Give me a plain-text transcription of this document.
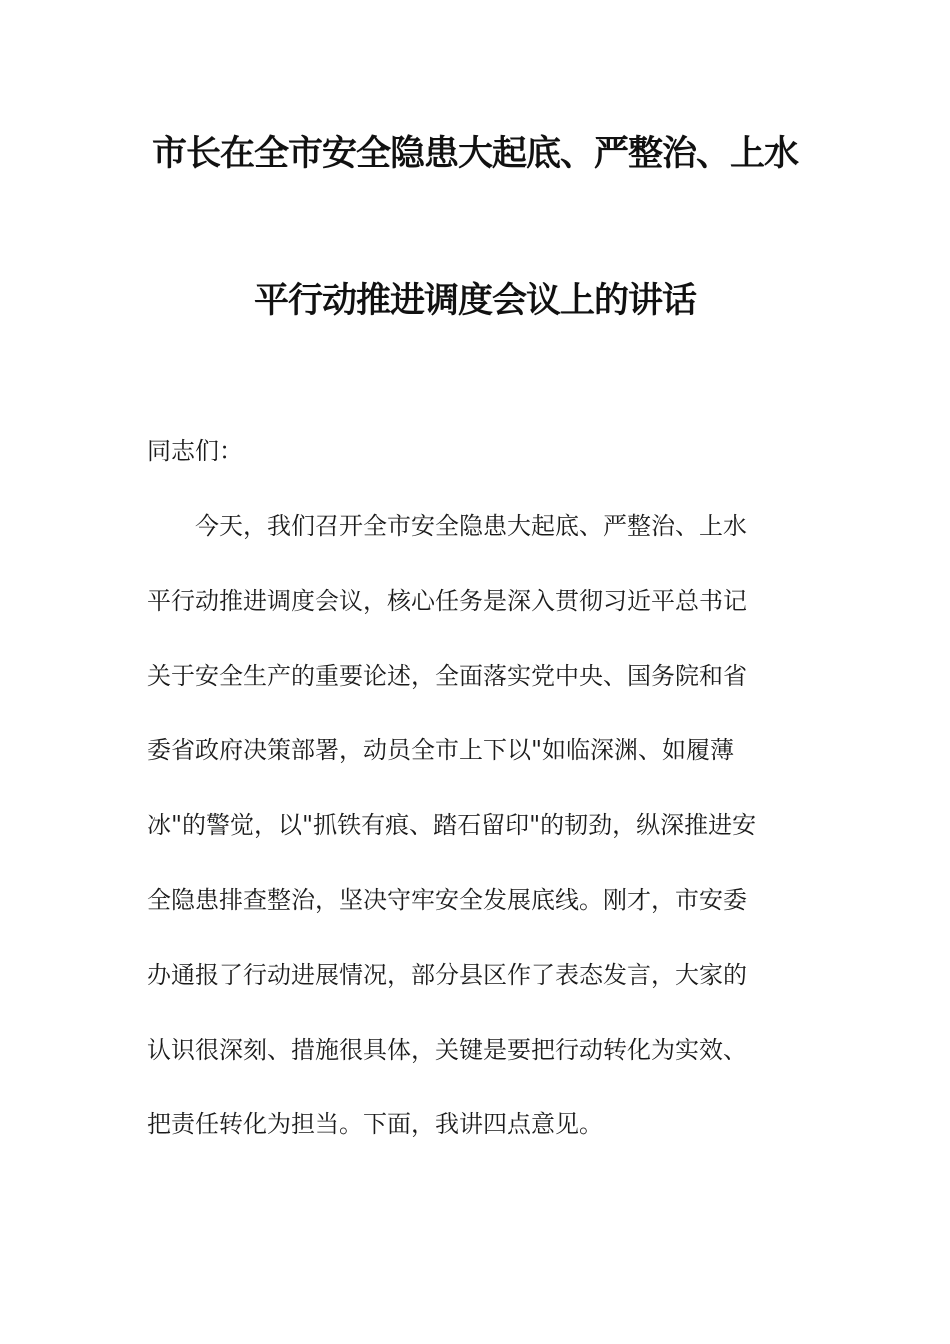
市长在全市安全隐患大起底、严整治、上水
平行动推进调度会议上的讲话
同志们：
今天，我们召开全市安全隐患大起底、严整治、上水
平行动推进调度会议，核心任务是深入贯彻习近平总书记
关于安全生产的重要论述，全面落实党中央、国务院和省
委省政府决策部署，动员全市上下以"如临深渊、如履薄
冰"的警觉，以"抓铁有痕、踏石留印"的韧劲，纵深推进安
全隐患排查整治，坚决守牢安全发展底线。刚才，市安委
办通报了行动进展情况，部分县区作了表态发言，大家的
认识很深刻、措施很具体，关键是要把行动转化为实效、
把责任转化为担当。下面，我讲四点意见。
